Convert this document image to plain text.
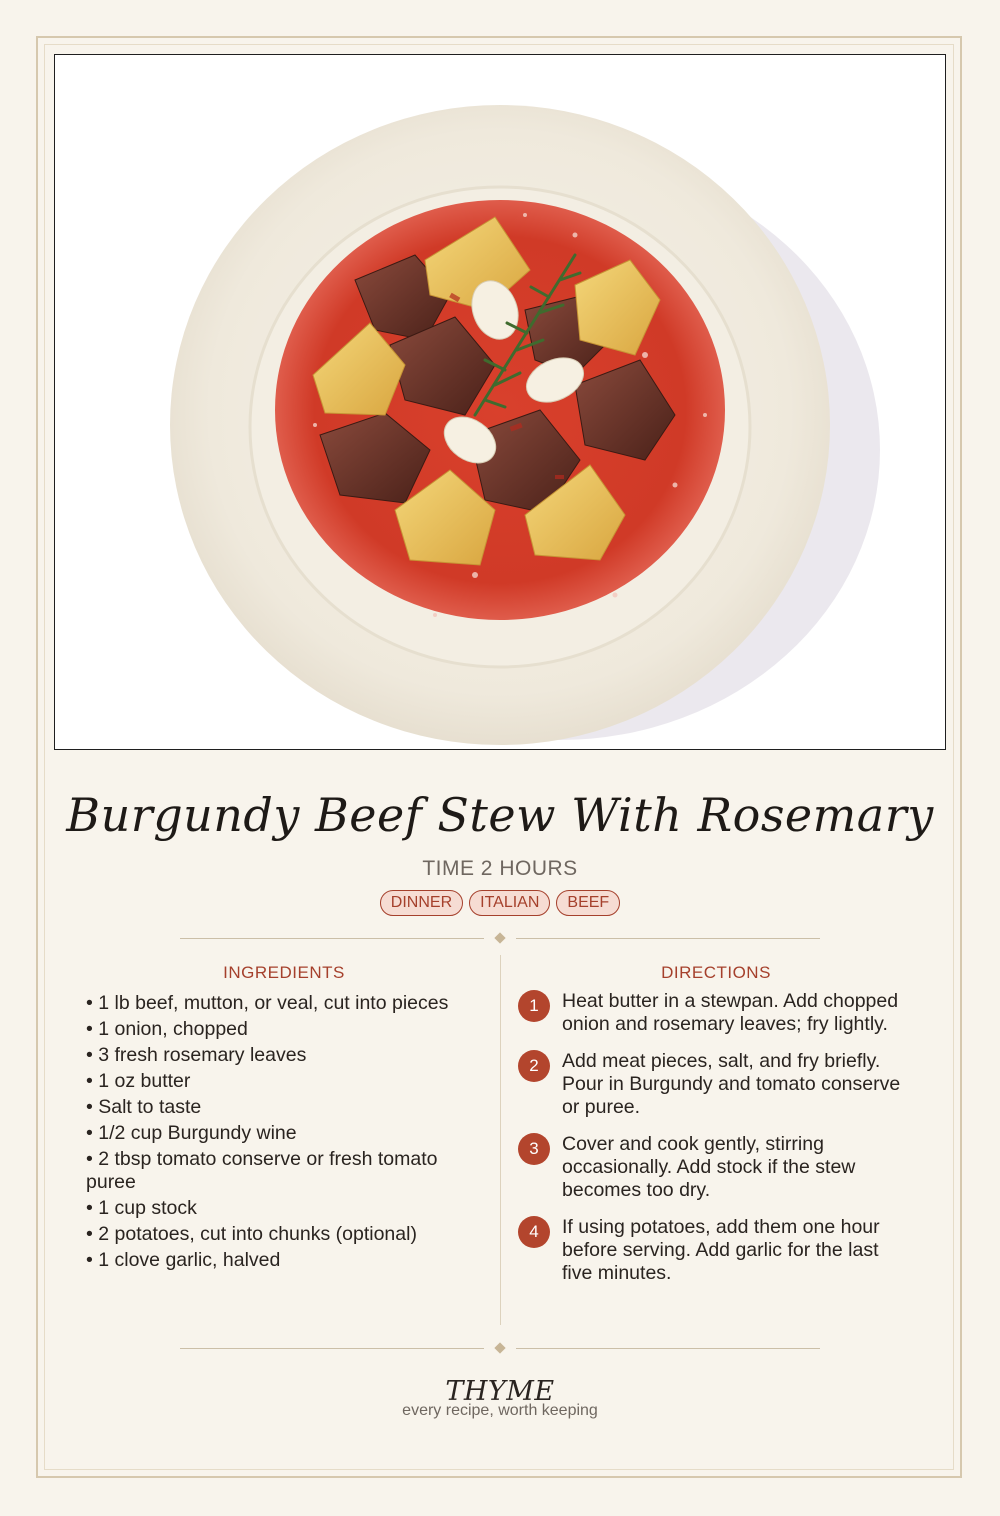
Burgundy Beef Stew With Rosemary
TIME 2 HOURS
DINNER ITALIAN BEEF
INGREDIENTS
• 1 lb beef, mutton, or veal, cut into pieces
• 1 onion, chopped
• 3 fresh rosemary leaves
• 1 oz butter
• Salt to taste
• 1/2 cup Burgundy wine
• 2 tbsp tomato conserve or fresh tomato puree
• 1 cup stock
• 2 potatoes, cut into chunks (optional)
• 1 clove garlic, halved
DIRECTIONS
1	Heat butter in a stewpan. Add chopped onion and rosemary leaves; fry lightly.
2	Add meat pieces, salt, and fry briefly. Pour in Burgundy and tomato conserve or puree.
3	Cover and cook gently, stirring occasionally. Add stock if the stew becomes too dry.
4	If using potatoes, add them one hour before serving. Add garlic for the last five minutes.
THYME
every recipe, worth keeping
